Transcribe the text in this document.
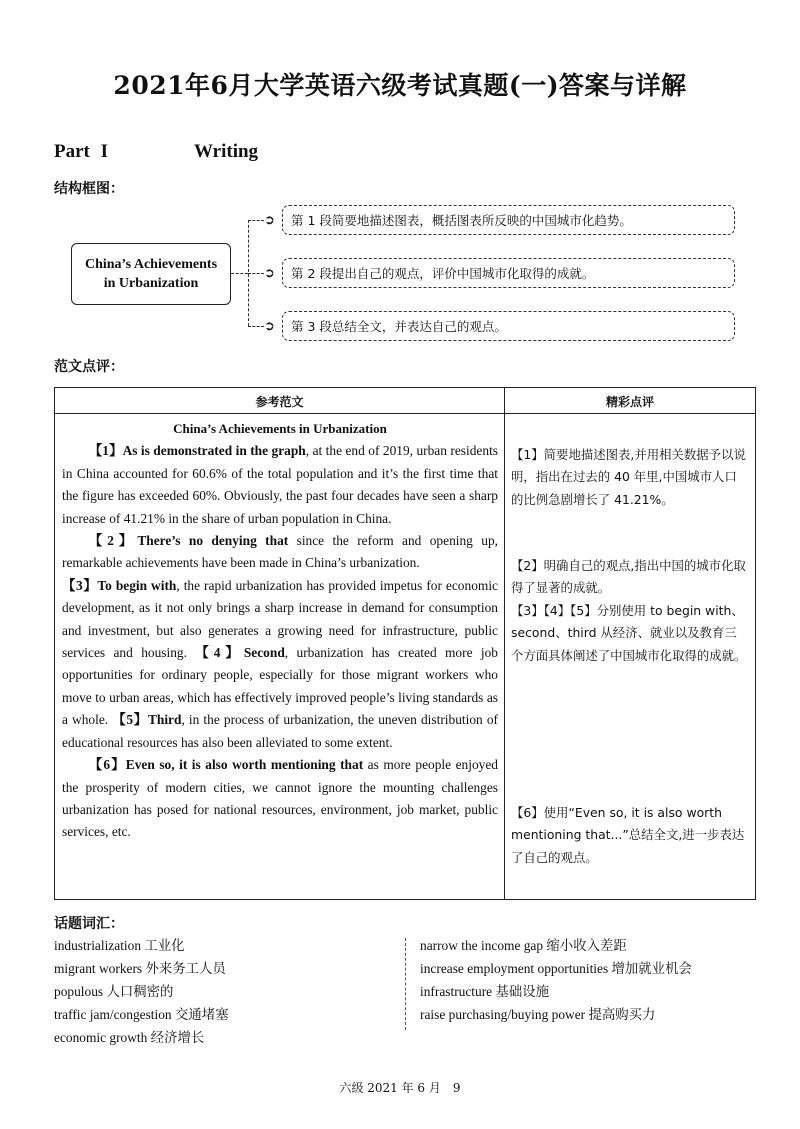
2021年6月大学英语六级考试真题(一)答案与详解
Part I	Writing
结构框图：
China’s Achievements
in Urbanization
➲ 第 1 段简要地描述图表，概括图表所反映的中国城市化趋势。
➲ 第 2 段提出自己的观点，评价中国城市化取得的成就。
➲ 第 3 段总结全文，并表达自己的观点。
范文点评：
参考范文	精彩点评
China’s Achievements in Urbanization

【1】As is demonstrated in the graph, at the end of 2019, urban residents in China accounted for 60.6% of the total population and it’s the first time that the figure has exceeded 60%. Obviously, the past four decades have seen a sharp increase of 41.21% in the share of urban population in China.

【2】There’s no denying that since the reform and opening up, remarkable achievements have been made in China’s urbanization.
【3】To begin with, the rapid urbanization has provided impetus for economic development, as it not only brings a sharp increase in demand for consumption and investment, but also generates a growing need for infrastructure, public services and housing. 【4】Second, urbanization has created more job opportunities for ordinary people, especially for those migrant workers who move to urban areas, which has effectively improved people’s living standards as a whole. 【5】Third, in the process of urbanization, the uneven distribution of educational resources has also been alleviated to some extent.

【6】Even so, it is also worth mentioning that as more people enjoyed the prosperity of modern cities, we cannot ignore the mounting challenges urbanization has posed for national resources, environment, job market, public services, etc.

【1】简要地描述图表,并用相关数据予以说明，指出在过去的 40 年里,中国城市人口的比例急剧增长了 41.21%。
【2】明确自己的观点,指出中国的城市化取得了显著的成就。
【3】【4】【5】分别使用 to begin with、second、third 从经济、就业以及教育三个方面具体阐述了中国城市化取得的成就。
【6】使用“Even so, it is also worth mentioning that...”总结全文,进一步表达了自己的观点。
话题词汇：
industrialization 工业化
migrant workers 外来务工人员
populous 人口稠密的
traffic jam/congestion 交通堵塞
economic growth 经济增长
narrow the income gap 缩小收入差距
increase employment opportunities 增加就业机会
infrastructure 基础设施
raise purchasing/buying power 提高购买力
六级 2021 年 6 月　9
